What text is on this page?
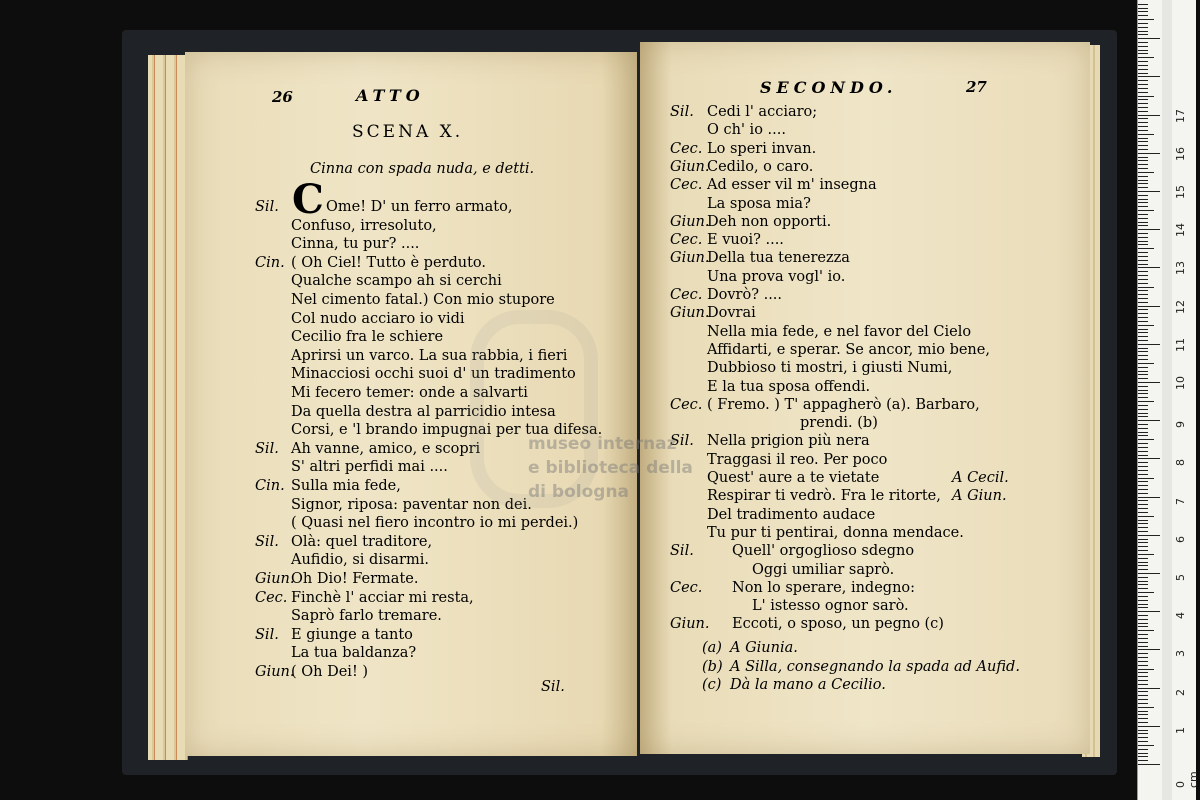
26	ATTO
SCENA X.
Cinna con spada nuda, e detti.
C
Sil.	Ome! D' un ferro armato,
Confuso, irresoluto,
Cinna, tu pur? ....
Cin. ( Oh Ciel! Tutto è perduto.
Qualche scampo ah si cerchi
Nel cimento fatal.) Con mio stupore
Col nudo acciaro io vidi
Cecilio fra le schiere
Aprirsi un varco. La sua rabbia, i fieri
Minacciosi occhi suoi d' un tradimento
Mi fecero temer: onde a salvarti
Da quella destra al parricidio intesa
Corsi, e 'l brando impugnai per tua difesa.
Sil. Ah vanne, amico, e scopri
S' altri perfidi mai ....
Cin. Sulla mia fede,
Signor, riposa: paventar non dei.
( Quasi nel fiero incontro io mi perdei.)
Sil. Olà: quel traditore,
Aufidio, si disarmi.
Giun.
Oh Dio! Fermate.
Cec. Finchè l' acciar mi resta,
Saprò farlo tremare.
Sil. E giunge a tanto
La tua baldanza?
Giun.
( Oh Dei! )
Sil.
SECONDO.	27
Sil. Cedi l' acciaro;
O ch' io ....
Cec. Lo speri invan.
Giun.
Cedilo, o caro.
Cec. Ad esser vil m' insegna
La sposa mia?
Giun.
Deh non opporti.
Cec. E vuoi? ....
Giun.
Della tua tenerezza
Una prova vogl' io.
Cec. Dovrò? ....
Giun.
Dovrai
Nella mia fede, e nel favor del Cielo
Affidarti, e sperar. Se ancor, mio bene,
Dubbioso ti mostri, i giusti Numi,
E la tua sposa offendi.
Cec. ( Fremo. ) T' appagherò (a). Barbaro,
prendi. (b)
Sil. Nella prigion più nera
Traggasi il reo. Per poco
Quest' aure a te vietate	A Cecil.
Respirar ti vedrò. Fra le ritorte, A Giun.
Del tradimento audace
Tu pur ti pentirai, donna mendace.
Sil.	Quell' orgoglioso sdegno
Oggi umiliar saprò.
Cec. Non lo sperare, indegno:
L' istesso ognor sarò.
Giun. Eccoti, o sposo, un pegno (c)
(a) A Giunia.
(b) A Silla, consegnando la spada ad Aufid.
(c) Dà la mano a Cecilio.
museo internaz
e biblioteca della
di bologna
0 cm
1
2
3
4
5
6
7
8
9
10
11
12
13
14
15
16
17
